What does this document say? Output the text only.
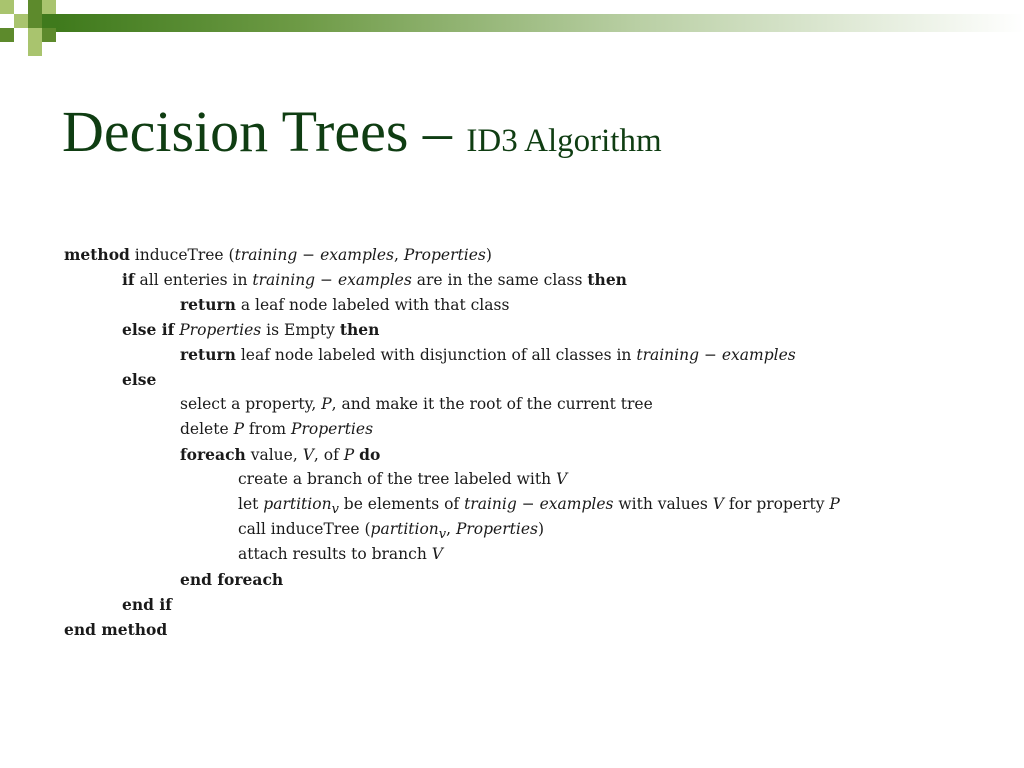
Decision Trees – ID3 Algorithm
method induceTree (training − examples, Properties)
if all enteries in training − examples are in the same class then
return a leaf node labeled with that class
else if Properties is Empty then
return leaf node labeled with disjunction of all classes in training − examples
else
select a property, P, and make it the root of the current tree
delete P from Properties
foreach value, V, of P do
create a branch of the tree labeled with V
let partition$_v$ be elements of trainig − examples with values V for property P
call induceTree (partition$_v$, Properties)
attach results to branch V
end foreach
end if
end method
